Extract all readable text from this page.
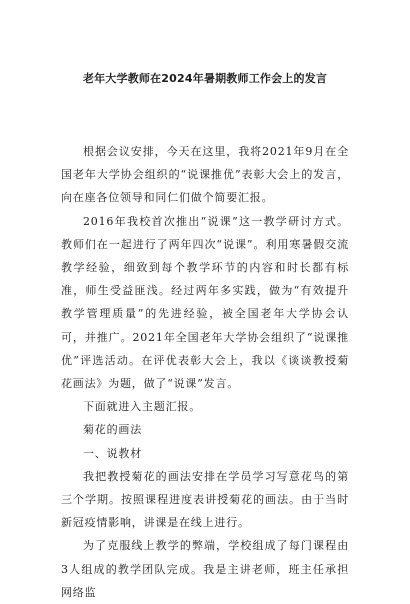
老年大学教师在2024年暑期教师工作会上的发言

根据会议安排，今天在这里，我将2021年9月在全国老年大学协会组织的“说课推优”表彰大会上的发言，向在座各位领导和同仁们做个简要汇报。

2016年我校首次推出“说课”这一教学研讨方式。教师们在一起进行了两年四次“说课”。利用寒暑假交流教学经验，细致到每个教学环节的内容和时长都有标准，师生受益匪浅。经过两年多实践，做为“有效提升教学管理质量”的先进经验，被全国老年大学协会认可，并推广。2021年全国老年大学协会组织了“说课推优”评选活动。在评优表彰大会上，我以《谈谈教授菊花画法》为题，做了“说课”发言。

下面就进入主题汇报。

菊花的画法

一、说教材

我把教授菊花的画法安排在学员学习写意花鸟的第三个学期。按照课程进度表讲授菊花的画法。由于当时新冠疫情影响，讲课是在线上进行。

为了克服线上教学的弊端，学校组成了每门课程由3人组成的教学团队完成。我是主讲老师，班主任承担网络监
